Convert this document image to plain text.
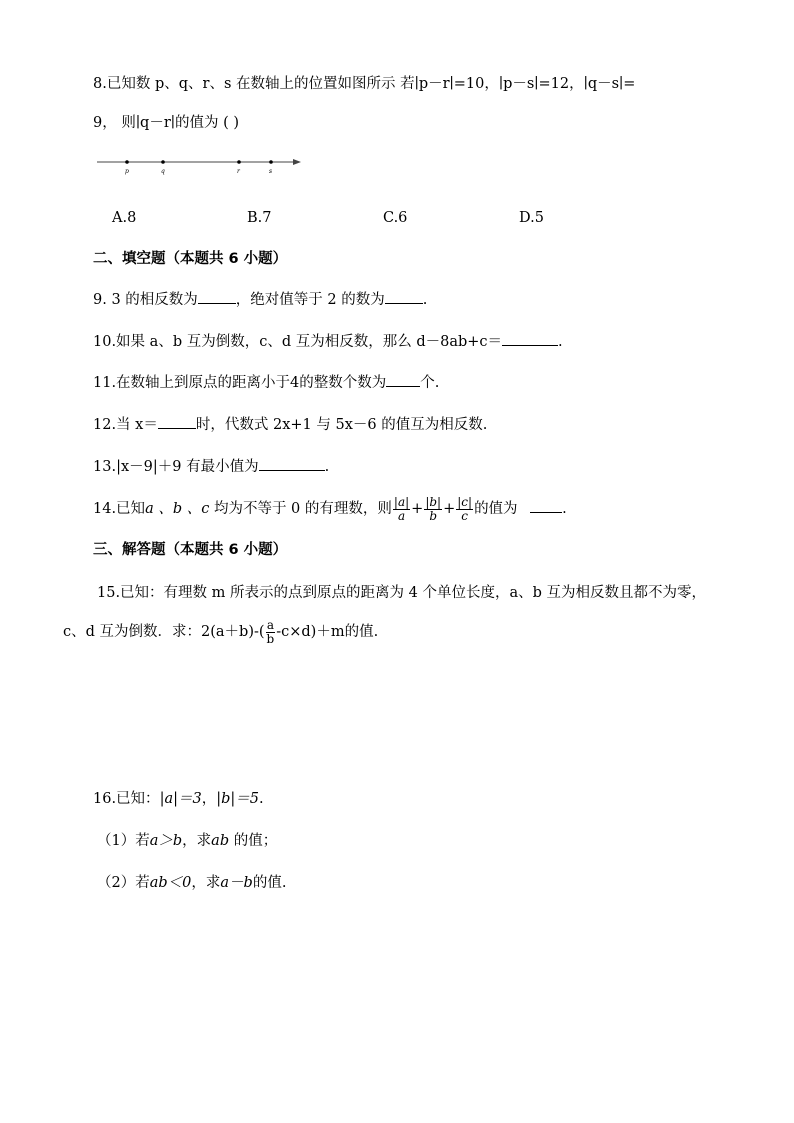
8.已知数 p、q、r、s 在数轴上的位置如图所示 若∣p－r∣=10，∣p－s∣=12，∣q－s∣=
9， 则∣q－r∣的值为 ( )
p	q	r	s
A.8	B.7	C.6	D.5
二、填空题（本题共 6 小题）
9. 3 的相反数为	，绝对值等于 2 的数为	.
10.如果 a、b 互为倒数，c、d 互为相反数，那么 d－8ab+c＝	.
11.在数轴上到原点的距离小于4的整数个数为 个.
12.当 x＝	时，代数式 2x+1 与 5x－6 的值互为相反数.
13.|x－9|＋9 有最小值为	.
14.已知a 、b 、c 均为不等于 0 的有理数，则 $\frac{|a|}{a} + \frac{|b|}{b} + \frac{|c|}{c}$ 的值为	.
三、解答题（本题共 6 小题）
15.已知：有理数 m 所表示的点到原点的距离为 4 个单位长度，a、b 互为相反数且都不为零，
c、d 互为倒数．求：$2(a+b)-( \frac{a}{b} -c\times d)+m$的值.
16.已知：|a|＝3，|b|＝5.
（1）若a＞b，求ab 的值；
（2）若ab＜0，求a－b的值.
